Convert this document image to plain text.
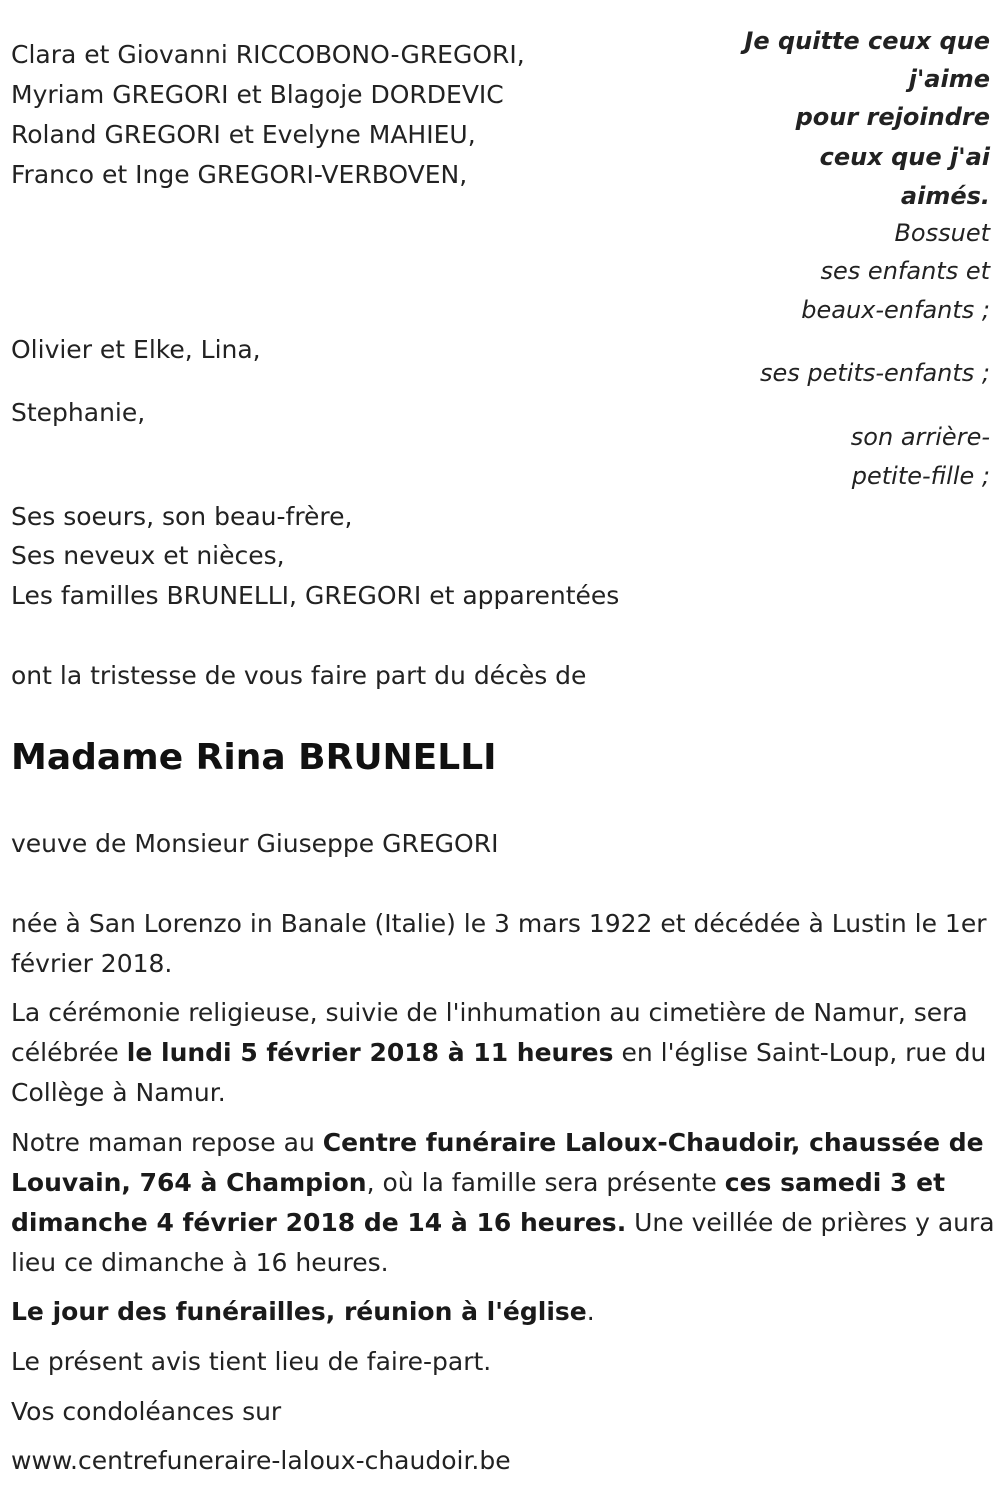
Clara et Giovanni RICCOBONO-GREGORI,
Myriam GREGORI et Blagoje DORDEVIC
Roland GREGORI et Evelyne MAHIEU,
Franco et Inge GREGORI-VERBOVEN,
Olivier et Elke, Lina,
Stephanie,
Ses soeurs, son beau-frère,
Ses neveux et nièces,
Les familles BRUNELLI, GREGORI et apparentées
Je quitte ceux que
j'aime
pour rejoindre
ceux que j'ai
aimés.
Bossuet
ses enfants et
beaux-enfants ;
ses petits-enfants ;
son arrière-
petite-fille ;
ont la tristesse de vous faire part du décès de
Madame Rina BRUNELLI
veuve de Monsieur Giuseppe GREGORI
née à San Lorenzo in Banale (Italie) le 3 mars 1922 et décédée à Lustin le 1er février 2018.
La cérémonie religieuse, suivie de l'inhumation au cimetière de Namur, sera célébrée le lundi 5 février 2018 à 11 heures en l'église Saint-Loup, rue du Collège à Namur.
Notre maman repose au Centre funéraire Laloux-Chaudoir, chaussée de Louvain, 764 à Champion, où la famille sera présente ces samedi 3 et dimanche 4 février 2018 de 14 à 16 heures. Une veillée de prières y aura lieu ce dimanche à 16 heures.
Le jour des funérailles, réunion à l'église.
Le présent avis tient lieu de faire-part.
Vos condoléances sur
www.centrefuneraire-laloux-chaudoir.be
